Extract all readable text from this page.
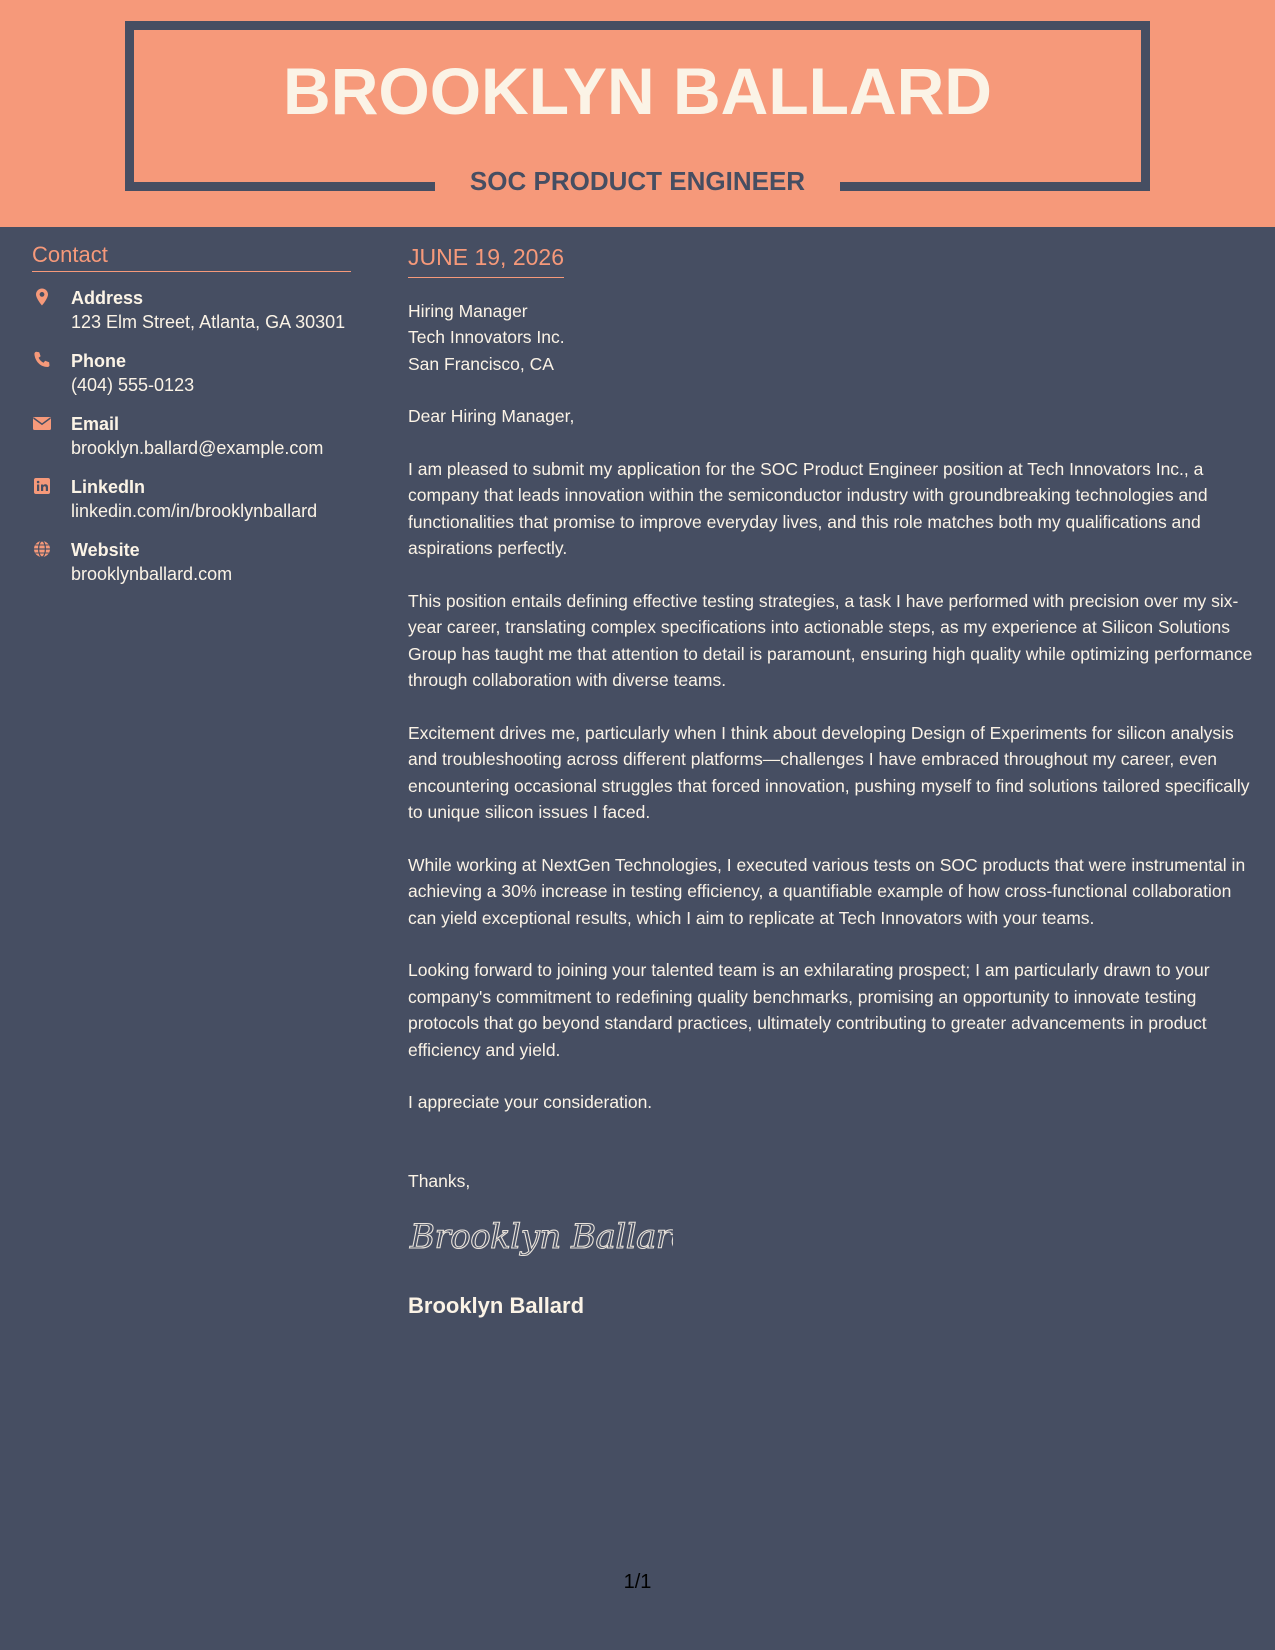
BROOKLYN BALLARD
SOC PRODUCT ENGINEER
Contact
Address
123 Elm Street, Atlanta, GA 30301
Phone
(404) 555-0123
Email
brooklyn.ballard@example.com
LinkedIn
linkedin.com/in/brooklynballard
Website
brooklynballard.com
JUNE 19, 2026
Hiring Manager
Tech Innovators Inc.
San Francisco, CA

Dear Hiring Manager,

I am pleased to submit my application for the SOC Product Engineer position at Tech Innovators Inc., a company that leads innovation within the semiconductor industry with groundbreaking technologies and functionalities that promise to improve everyday lives, and this role matches both my qualifications and aspirations perfectly.

This position entails defining effective testing strategies, a task I have performed with precision over my six-year career, translating complex specifications into actionable steps, as my experience at Silicon Solutions Group has taught me that attention to detail is paramount, ensuring high quality while optimizing performance through collaboration with diverse teams.

Excitement drives me, particularly when I think about developing Design of Experiments for silicon analysis and troubleshooting across different platforms—challenges I have embraced throughout my career, even encountering occasional struggles that forced innovation, pushing myself to find solutions tailored specifically to unique silicon issues I faced.

While working at NextGen Technologies, I executed various tests on SOC products that were instrumental in achieving a 30% increase in testing efficiency, a quantifiable example of how cross-functional collaboration can yield exceptional results, which I aim to replicate at Tech Innovators with your teams.

Looking forward to joining your talented team is an exhilarating prospect; I am particularly drawn to your company's commitment to redefining quality benchmarks, promising an opportunity to innovate testing protocols that go beyond standard practices, ultimately contributing to greater advancements in product efficiency and yield.

I appreciate your consideration.

Thanks,
Brooklyn Ballard
Brooklyn Ballard
1/1
